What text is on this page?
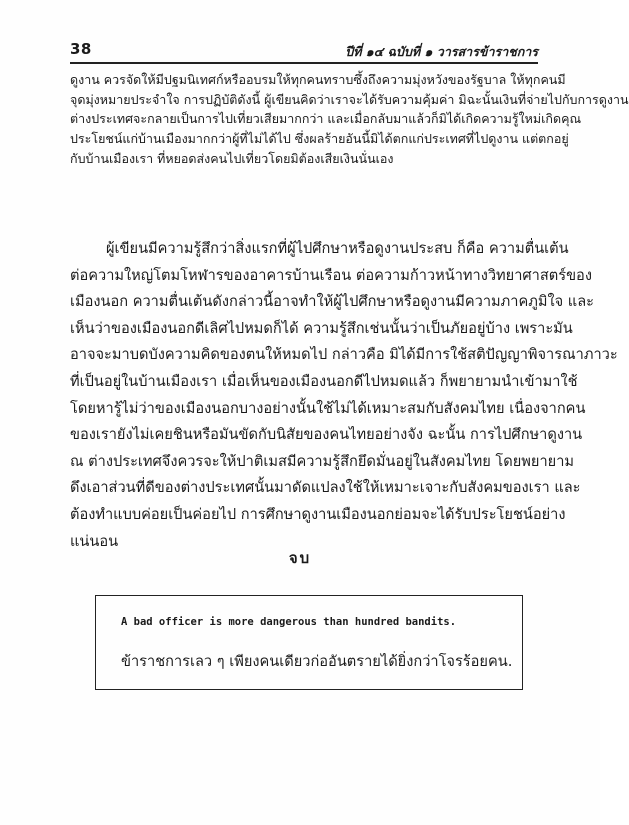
38	ปีที่ ๑๔ ฉบับที่ ๑ วารสารข้าราชการ
ดูงาน ควรจัดให้มีปฐมนิเทศก์หรืออบรมให้ทุกคนทราบซึ้งถึงความมุ่งหวังของรัฐบาล ให้ทุกคนมี
จุดมุ่งหมายประจำใจ การปฏิบัติดังนี้ ผู้เขียนคิดว่าเราจะได้รับความคุ้มค่า มิฉะนั้นเงินที่จ่ายไปกับการดูงาน
ต่างประเทศจะกลายเป็นการไปเที่ยวเสียมากกว่า และเมื่อกลับมาแล้วก็มิได้เกิดความรู้ใหม่เกิดคุณ
ประโยชน์แก่บ้านเมืองมากกว่าผู้ที่ไม่ได้ไป ซึ่งผลร้ายอันนี้มิได้ตกแก่ประเทศที่ไปดูงาน แต่ตกอยู่
กับบ้านเมืองเรา ที่หยอดส่งคนไปเที่ยวโดยมิต้องเสียเงินนั่นเอง
ผู้เขียนมีความรู้สึกว่าสิ่งแรกที่ผู้ไปศึกษาหรือดูงานประสบ ก็คือ ความตื่นเต้น
ต่อความใหญ่โตมโหฬารของอาคารบ้านเรือน ต่อความก้าวหน้าทางวิทยาศาสตร์ของ
เมืองนอก ความตื่นเต้นดังกล่าวนี้อาจทำให้ผู้ไปศึกษาหรือดูงานมีความภาคภูมิใจ และ
เห็นว่าของเมืองนอกดีเลิศไปหมดก็ได้ ความรู้สึกเช่นนั้นว่าเป็นภัยอยู่บ้าง เพราะมัน
อาจจะมาบดบังความคิดของตนให้หมดไป กล่าวคือ มิได้มีการใช้สติปัญญาพิจารณาภาวะ
ที่เป็นอยู่ในบ้านเมืองเรา เมื่อเห็นของเมืองนอกดีไปหมดแล้ว ก็พยายามนำเข้ามาใช้
โดยหารู้ไม่ว่าของเมืองนอกบางอย่างนั้นใช้ไม่ได้เหมาะสมกับสังคมไทย เนื่องจากคน
ของเรายังไม่เคยชินหรือมันขัดกับนิสัยของคนไทยอย่างจัง ฉะนั้น การไปศึกษาดูงาน
ณ ต่างประเทศจึงควรจะให้ปาติเมสมีความรู้สึกยึดมั่นอยู่ในสังคมไทย โดยพยายาม
ดึงเอาส่วนที่ดีของต่างประเทศนั้นมาดัดแปลงใช้ให้เหมาะเจาะกับสังคมของเรา และ
ต้องทำแบบค่อยเป็นค่อยไป การศึกษาดูงานเมืองนอกย่อมจะได้รับประโยชน์อย่าง
แน่นอน
จบ
A bad officer is more dangerous than hundred bandits.
ข้าราชการเลว ๆ เพียงคนเดียวก่ออันตรายได้ยิ่งกว่าโจรร้อยคน.
